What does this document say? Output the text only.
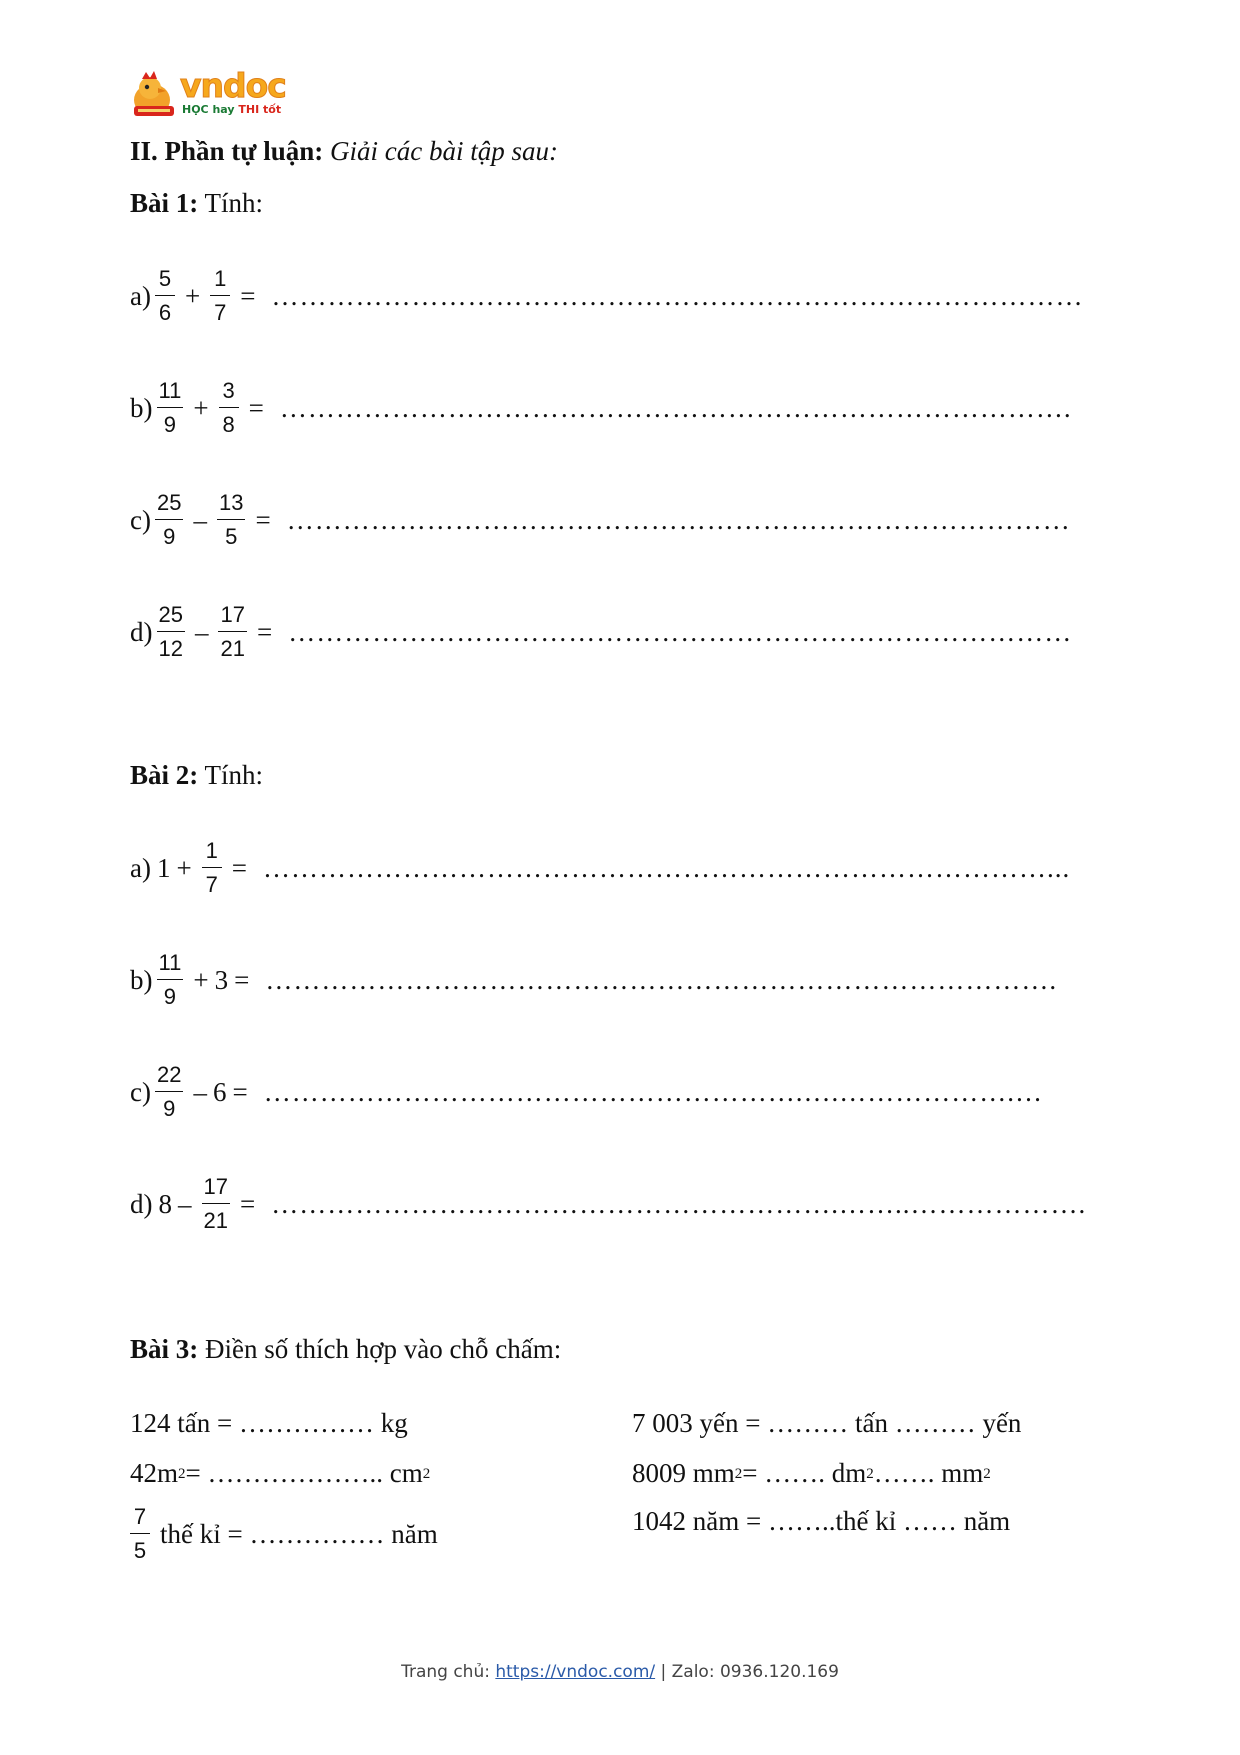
vndoc
HỌC hay THI tốt
II. Phần tự luận: Giải các bài tập sau:
Bài 1: Tính:
$a) \frac{5}{6} + \frac{1}{7}$ = ……………………………………………………………………………
$b) \frac{11}{9} + \frac{3}{8}$ = ………………………………………………………………………….
$c) \frac{25}{9} - \frac{13}{5}$ = …………………………………………………………………………
$d) \frac{25}{12} - \frac{17}{21}$ = …………………………………………………………………………
Bài 2: Tính:
a) $1 + \frac{1}{7}$ = …………………………………………………………………………...
$b) \frac{11}{9} + 3$ = ………………………………………………………………………….
$c) \frac{22}{9} - 6$ = ………………………………………………….….……………….…
d) $8 - \frac{17}{21}$ = …………………………………………………….……..……………….
Bài 3: Điền số thích hợp vào chỗ chấm:
124 tấn = …………… kg
42m 2 = ……………….. cm 2
$\frac{7}{5}$ thế kỉ = …………… năm
7 003 yến = ……… tấn ……… yến
8009 mm 2 = ……. dm 2 ……. mm 2
1042 năm = ……..thế kỉ …… năm
Trang chủ: https://vndoc.com/ | Zalo: 0936.120.169
